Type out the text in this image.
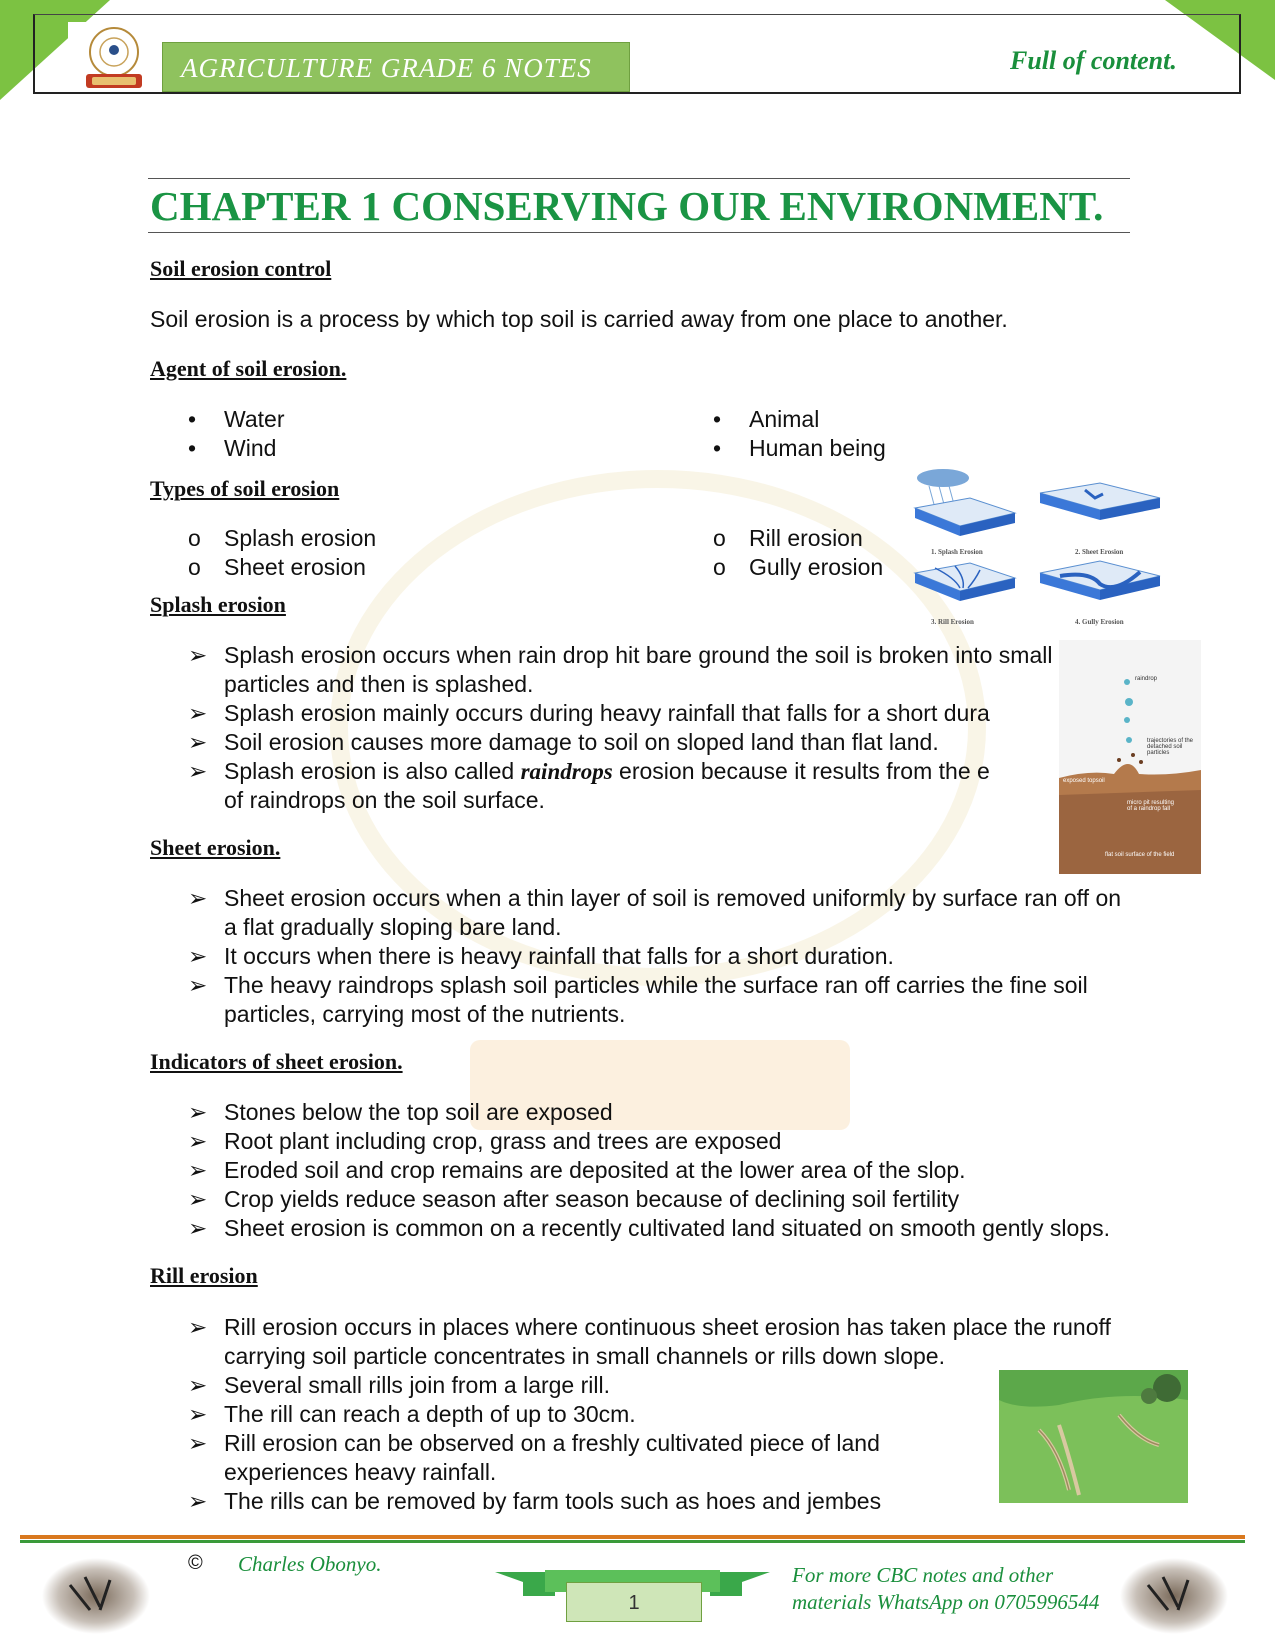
AGRICULTURE GRADE 6 NOTES	Full of content.
CHAPTER 1 CONSERVING OUR ENVIRONMENT.
Soil erosion control
Soil erosion is a process by which top soil is carried away from one place to another.
Agent of soil erosion.
• Water
• Wind
• Animal
• Human being
Types of soil erosion
o Splash erosion
o Sheet erosion
o Rill erosion
o Gully erosion
1. Splash Erosion	2. Sheet Erosion
3. Rill Erosion	4. Gully Erosion
Splash erosion
➢ Splash erosion occurs when rain drop hit bare ground the soil is broken into small particles and then is splashed.
➢ Splash erosion mainly occurs during heavy rainfall that falls for a short dura
➢ Soil erosion causes more damage to soil on sloped land than flat land.
➢ Splash erosion is also called raindrops erosion because it results from the e
of raindrops on the soil surface.
raindrop
trajectories of the detached soil particles
exposed topsoil
micro pit resulting of a raindrop fall
flat soil surface of the field
Sheet erosion.
➢ Sheet erosion occurs when a thin layer of soil is removed uniformly by surface ran off on a flat gradually sloping bare land.
➢ It occurs when there is heavy rainfall that falls for a short duration.
➢ The heavy raindrops splash soil particles while the surface ran off carries the fine soil particles, carrying most of the nutrients.
Indicators of sheet erosion.
➢ Stones below the top soil are exposed
➢ Root plant including crop, grass and trees are exposed
➢ Eroded soil and crop remains are deposited at the lower area of the slop.
➢ Crop yields reduce season after season because of declining soil fertility
➢ Sheet erosion is common on a recently cultivated land situated on smooth gently slops.
Rill erosion
➢ Rill erosion occurs in places where continuous sheet erosion has taken place the runoff carrying soil particle concentrates in small channels or rills down slope.
➢ Several small rills join from a large rill.
➢ The rill can reach a depth of up to 30cm.
➢ Rill erosion can be observed on a freshly cultivated piece of land experiences heavy rainfall.
➢ The rills can be removed by farm tools such as hoes and jembes
© Charles Obonyo.
1
For more CBC notes and other
materials WhatsApp on 0705996544
